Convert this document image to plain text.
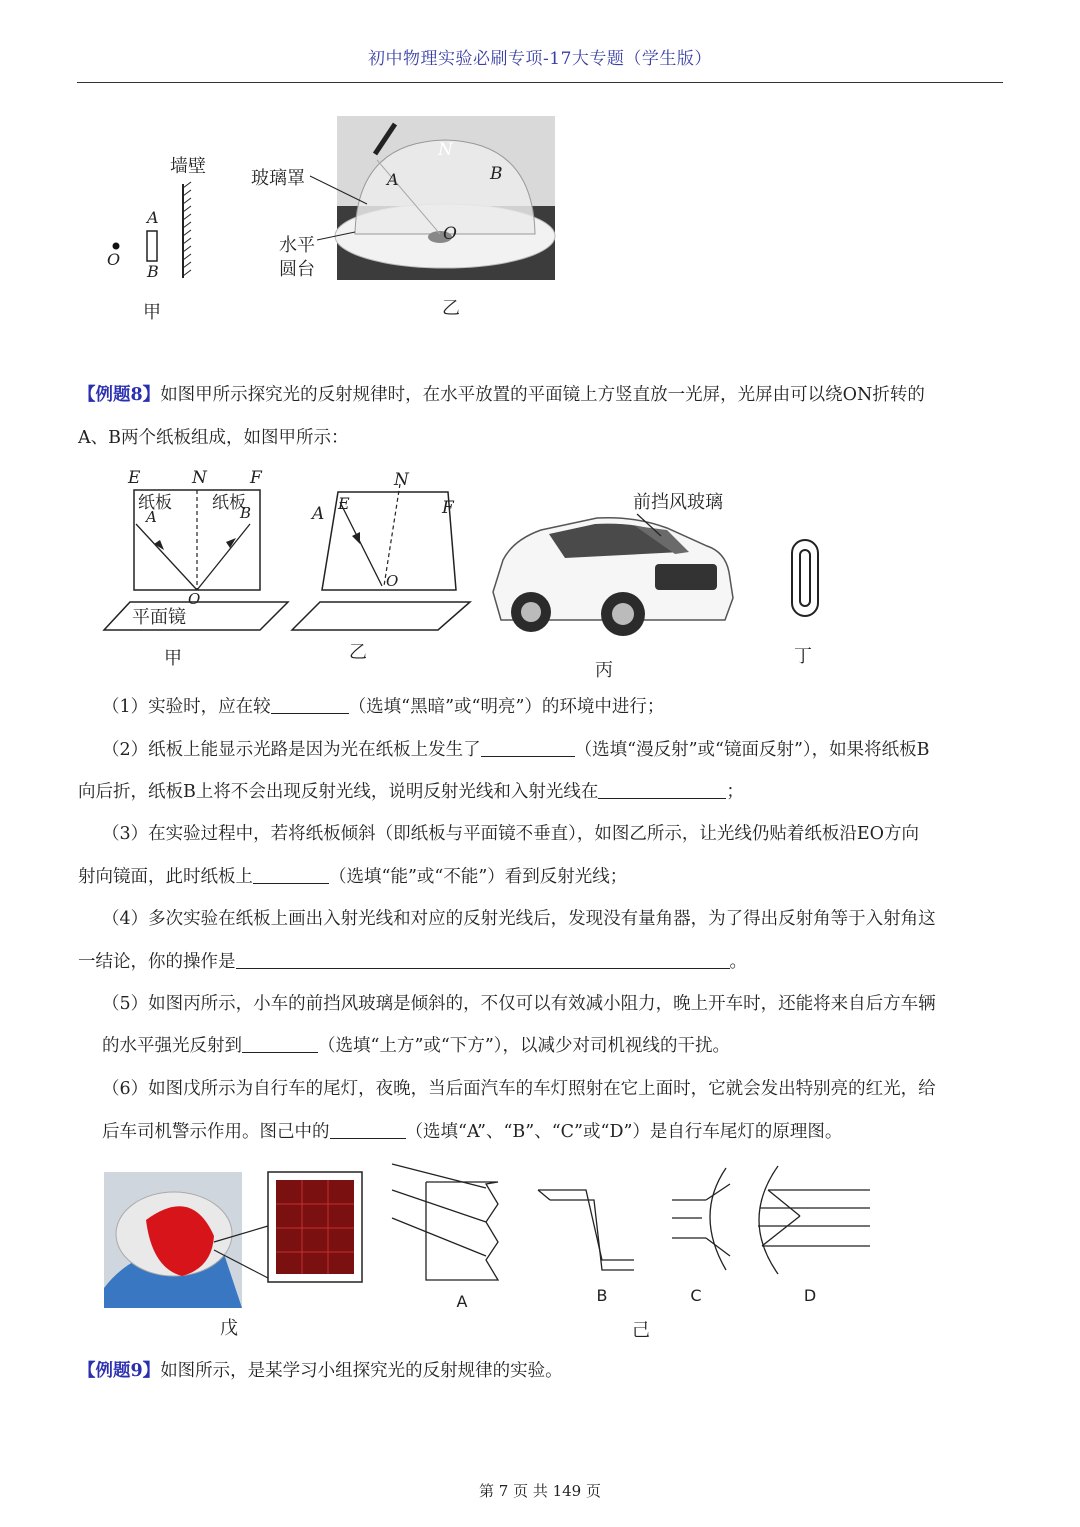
初中物理实验必刷专项-17大专题（学生版）
墙壁
A
B
O
甲
玻璃罩
水平
圆台
N
A	B
O
乙
【例题8】如图甲所示探究光的反射规律时，在水平放置的平面镜上方竖直放一光屏，光屏由可以绕ON折转的
A、B两个纸板组成，如图甲所示：
E	N	F
纸板
A
纸板
B
O
平面镜
甲
A
E
N
F
O
乙
前挡风玻璃
丙
丁
（1）实验时，应在较	（选填“黑暗”或“明亮”）的环境中进行；
（2）纸板上能显示光路是因为光在纸板上发生了	（选填“漫反射”或“镜面反射”），如果将纸板B
向后折，纸板B上将不会出现反射光线，说明反射光线和入射光线在	；
（3）在实验过程中，若将纸板倾斜（即纸板与平面镜不垂直），如图乙所示，让光线仍贴着纸板沿EO方向
射向镜面，此时纸板上	（选填“能”或“不能”）看到反射光线；
（4）多次实验在纸板上画出入射光线和对应的反射光线后，发现没有量角器，为了得出反射角等于入射角这
一结论，你的操作是	。
（5）如图丙所示，小车的前挡风玻璃是倾斜的，不仅可以有效减小阻力，晚上开车时，还能将来自后方车辆
的水平强光反射到	（选填“上方”或“下方”），以减少对司机视线的干扰。
（6）如图戊所示为自行车的尾灯，夜晚，当后面汽车的车灯照射在它上面时，它就会发出特别亮的红光，给
后车司机警示作用。图己中的	（选填“A”、“B”、“C”或“D”）是自行车尾灯的原理图。
戊
A	B	C	D
己
【例题9】如图所示，是某学习小组探究光的反射规律的实验。
第 7 页 共 149 页
